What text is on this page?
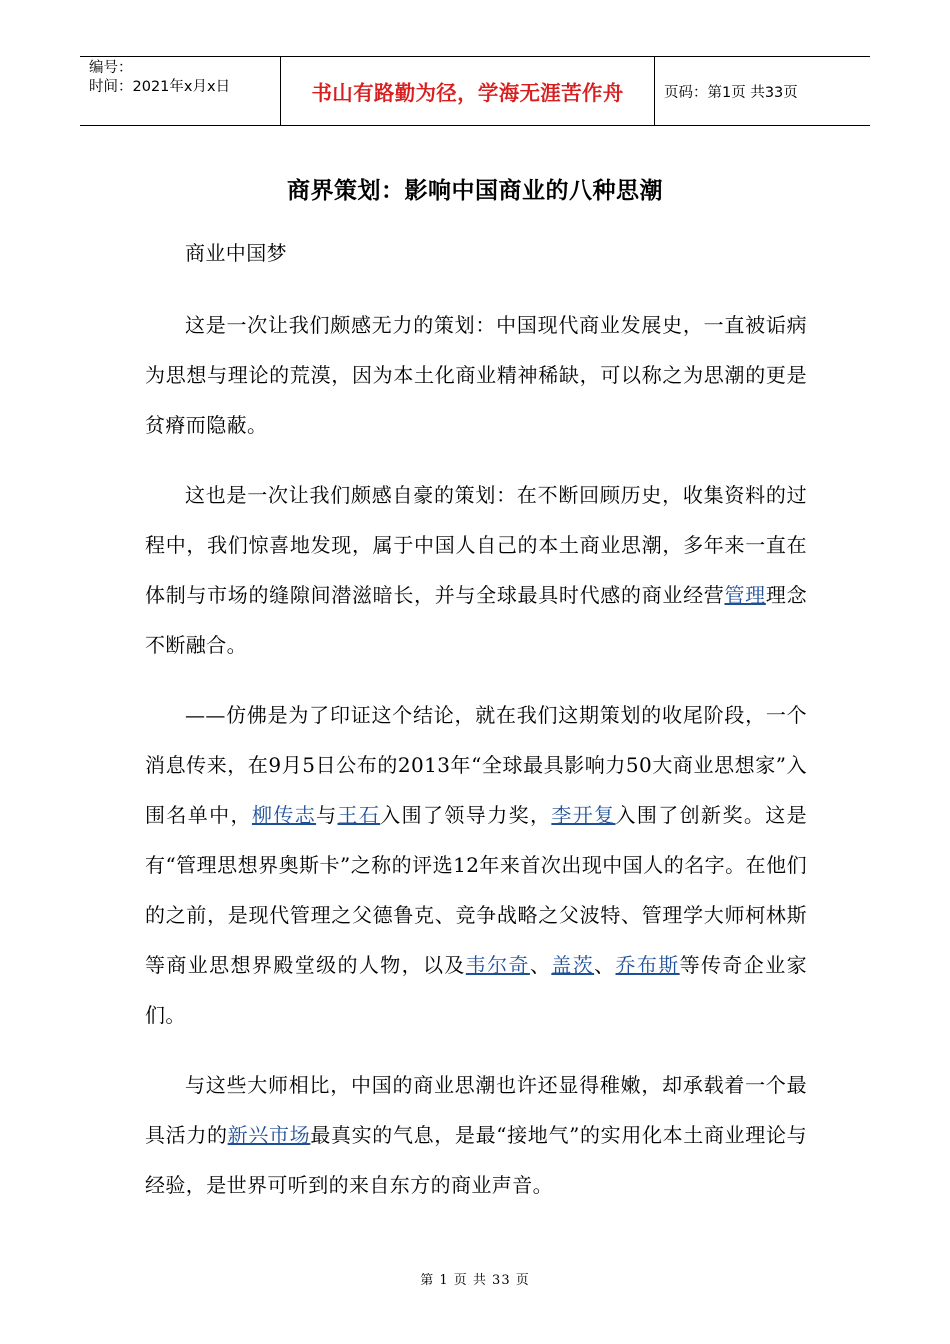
编号：
时间：2021年x月x日	书山有路勤为径，学海无涯苦作舟	页码：第1页 共33页
商界策划：影响中国商业的八种思潮

商业中国梦

这是一次让我们颇感无力的策划：中国现代商业发展史，一直被诟病为思想与理论的荒漠，因为本土化商业精神稀缺，可以称之为思潮的更是贫瘠而隐蔽。

这也是一次让我们颇感自豪的策划：在不断回顾历史，收集资料的过程中，我们惊喜地发现，属于中国人自己的本土商业思潮，多年来一直在体制与市场的缝隙间潜滋暗长，并与全球最具时代感的商业经营管理理念不断融合。

——仿佛是为了印证这个结论，就在我们这期策划的收尾阶段，一个消息传来，在9月5日公布的2013年“全球最具影响力50大商业思想家”入围名单中，柳传志与王石入围了领导力奖，李开复入围了创新奖。这是有“管理思想界奥斯卡”之称的评选12年来首次出现中国人的名字。在他们的之前，是现代管理之父德鲁克、竞争战略之父波特、管理学大师柯林斯等商业思想界殿堂级的人物，以及韦尔奇、盖茨、乔布斯等传奇企业家们。

与这些大师相比，中国的商业思潮也许还显得稚嫩，却承载着一个最具活力的新兴市场最真实的气息，是最“接地气”的实用化本土商业理论与经验，是世界可听到的来自东方的商业声音。

第 1 页 共 33 页
